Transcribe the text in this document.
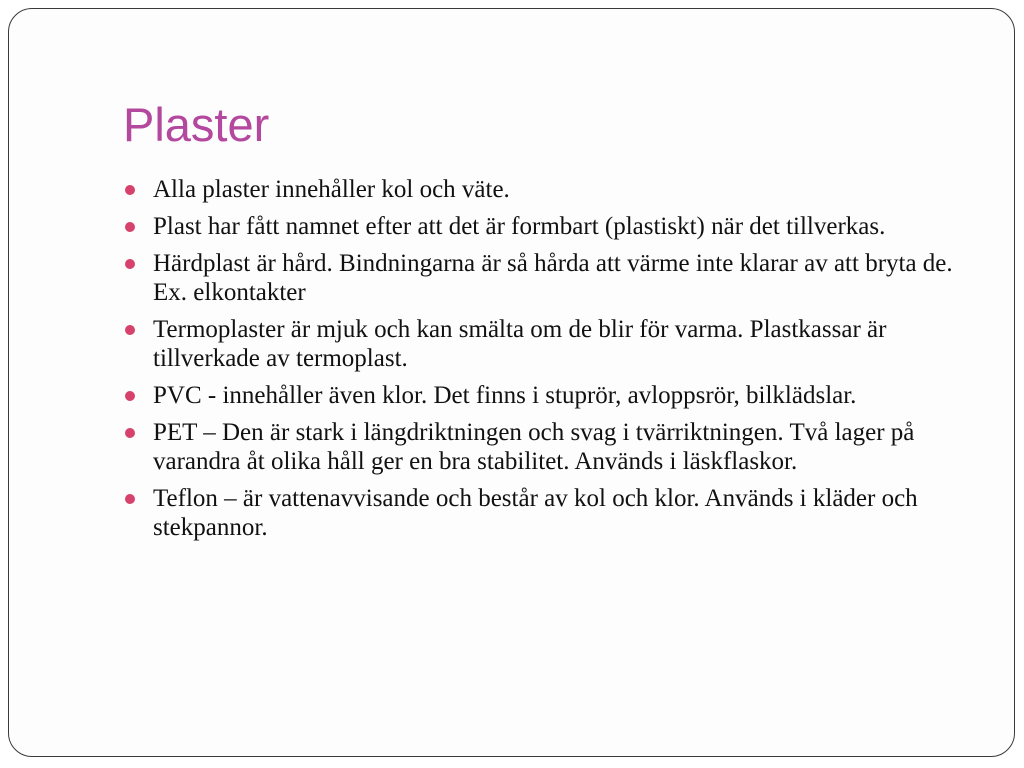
Plaster
Alla plaster innehåller kol och väte.
Plast har fått namnet efter att det är formbart (plastiskt) när det tillverkas.
Härdplast är hård. Bindningarna är så hårda att värme inte klarar av att bryta de. Ex. elkontakter
Termoplaster är mjuk och kan smälta om de blir för varma. Plastkassar är tillverkade av termoplast.
PVC - innehåller även klor. Det finns i stuprör, avloppsrör, bilklädslar.
PET – Den är stark i längdriktningen och svag i tvärriktningen. Två lager på varandra åt olika håll ger en bra stabilitet. Används i läskflaskor.
Teflon – är vattenavvisande och består av kol och klor. Används i kläder och stekpannor.
